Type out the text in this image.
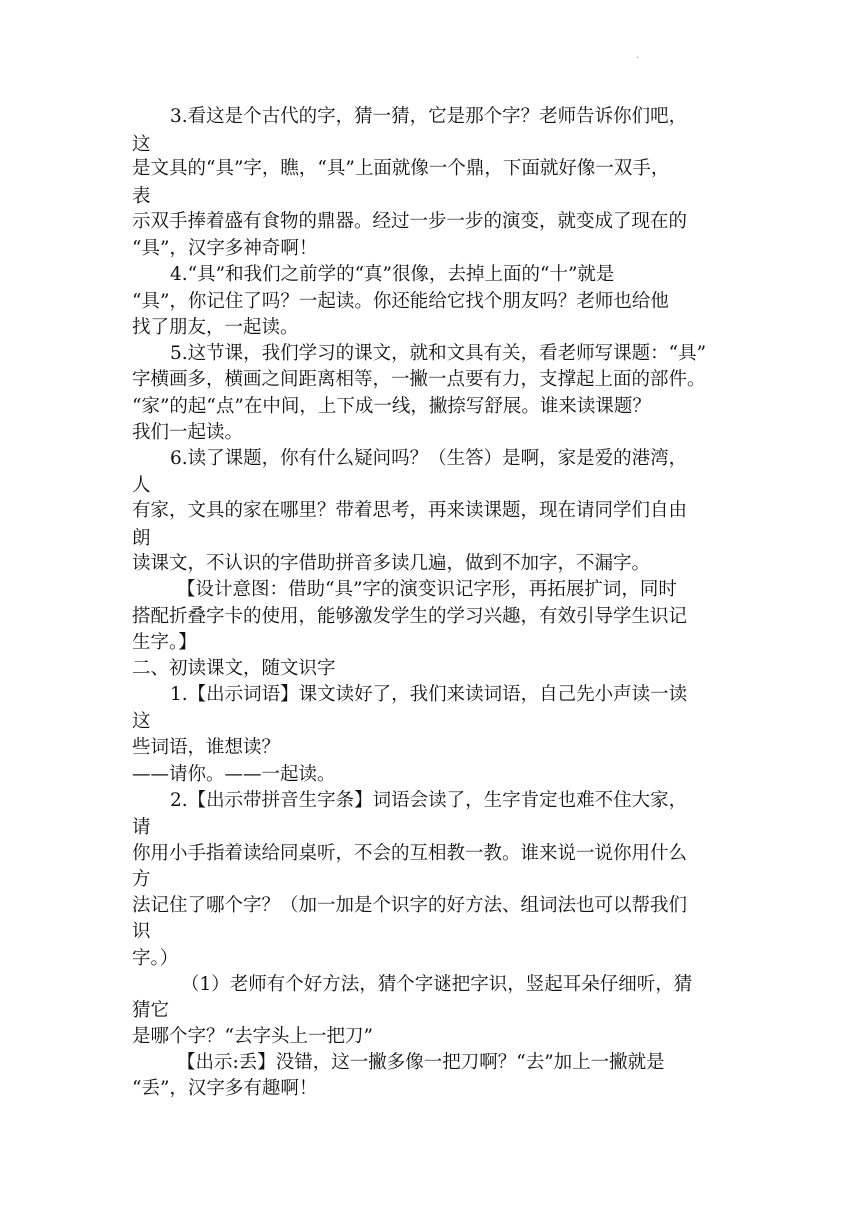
·
3.看这是个古代的字，猜一猜，它是那个字？老师告诉你们吧，
这
是文具的“具”字，瞧，“具”上面就像一个鼎，下面就好像一双手，
表
示双手捧着盛有食物的鼎器。经过一步一步的演变，就变成了现在的
“具”，汉字多神奇啊！
4.“具”和我们之前学的“真”很像，去掉上面的“十”就是
“具”，你记住了吗？一起读。你还能给它找个朋友吗？老师也给他
找了朋友，一起读。
5.这节课，我们学习的课文，就和文具有关，看老师写课题：“具”
字横画多，横画之间距离相等，一撇一点要有力，支撑起上面的部件。
“家”的起“点”在中间，上下成一线，撇捺写舒展。谁来读课题？
我们一起读。
6.读了课题，你有什么疑问吗？（生答）是啊，家是爱的港湾，
人
有家，文具的家在哪里？带着思考，再来读课题，现在请同学们自由
朗
读课文，不认识的字借助拼音多读几遍，做到不加字，不漏字。
【设计意图：借助“具”字的演变识记字形，再拓展扩词，同时
搭配折叠字卡的使用，能够激发学生的学习兴趣，有效引导学生识记
生字。】
二、初读课文，随文识字
1.【出示词语】课文读好了，我们来读词语，自己先小声读一读
这
些词语，谁想读？
——请你。——一起读。
2.【出示带拼音生字条】词语会读了，生字肯定也难不住大家，
请
你用小手指着读给同桌听，不会的互相教一教。谁来说一说你用什么
方
法记住了哪个字？（加一加是个识字的好方法、组词法也可以帮我们
识
字。）
（1）老师有个好方法，猜个字谜把字识，竖起耳朵仔细听，猜
猜它
是哪个字？“去字头上一把刀”
【出示:丢】没错，这一撇多像一把刀啊？“去”加上一撇就是
“丢”，汉字多有趣啊！
